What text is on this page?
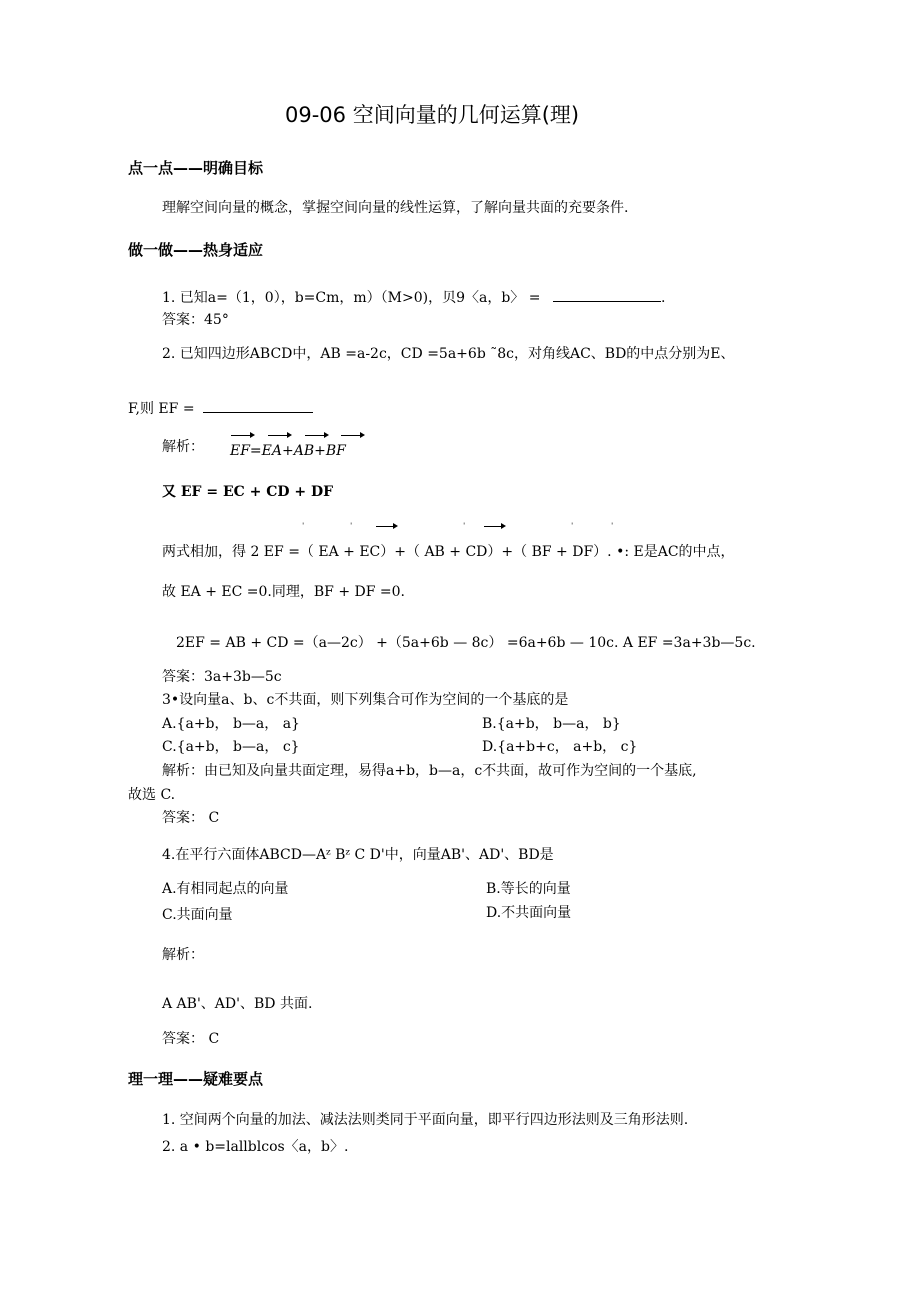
09-06 空间向量的几何运算(理)
点一点——明确目标
理解空间向量的概念，掌握空间向量的线性运算，了解向量共面的充要条件.
做一做——热身适应
1. 已知a=（1，0），b=Cm，m）（M>0)，贝9〈a，b〉 =	.
答案：45°
2. 已知四边形ABCD中，AB =a-2c，CD =5a+6b ˜8c，对角线AC、BD的中点分别为E、
F,则 EF =
解析： EF=EA+AB+BF
又 EF = EC + CD + DF
ˈ	ˈ	ˈ	ˈ	ˈ
两式相加，得 2 EF =（ EA + EC）+（ AB + CD）+（ BF + DF）. •: E是AC的中点，
故 EA + EC =0.同理，BF + DF =0.
2EF = AB + CD =（a—2c） +（5a+6b — 8c） =6a+6b — 10c. A EF =3a+3b—5c.
答案：3a+3b—5c
3•设向量a、b、c不共面，则下列集合可作为空间的一个基底的是
A.{a+b， b—a， a}	B.{a+b， b—a， b}
C.{a+b， b—a， c}	D.{a+b+c， a+b， c}
解析：由已知及向量共面定理，易得a+b，b—a，c不共面，故可作为空间的一个基底,
故选 C.
答案： C
4.在平行六面体ABCD—Aᶻ Bᶻ C D'中，向量AB'、AD'、BD是
A.有相同起点的向量	B.等长的向量
C.共面向量	D.不共面向量
解析：
A AB'、AD'、BD 共面.
答案： C
理一理——疑难要点
1. 空间两个向量的加法、减法法则类同于平面向量，即平行四边形法则及三角形法则.
2. a • b=lallblcos〈a，b〉.
